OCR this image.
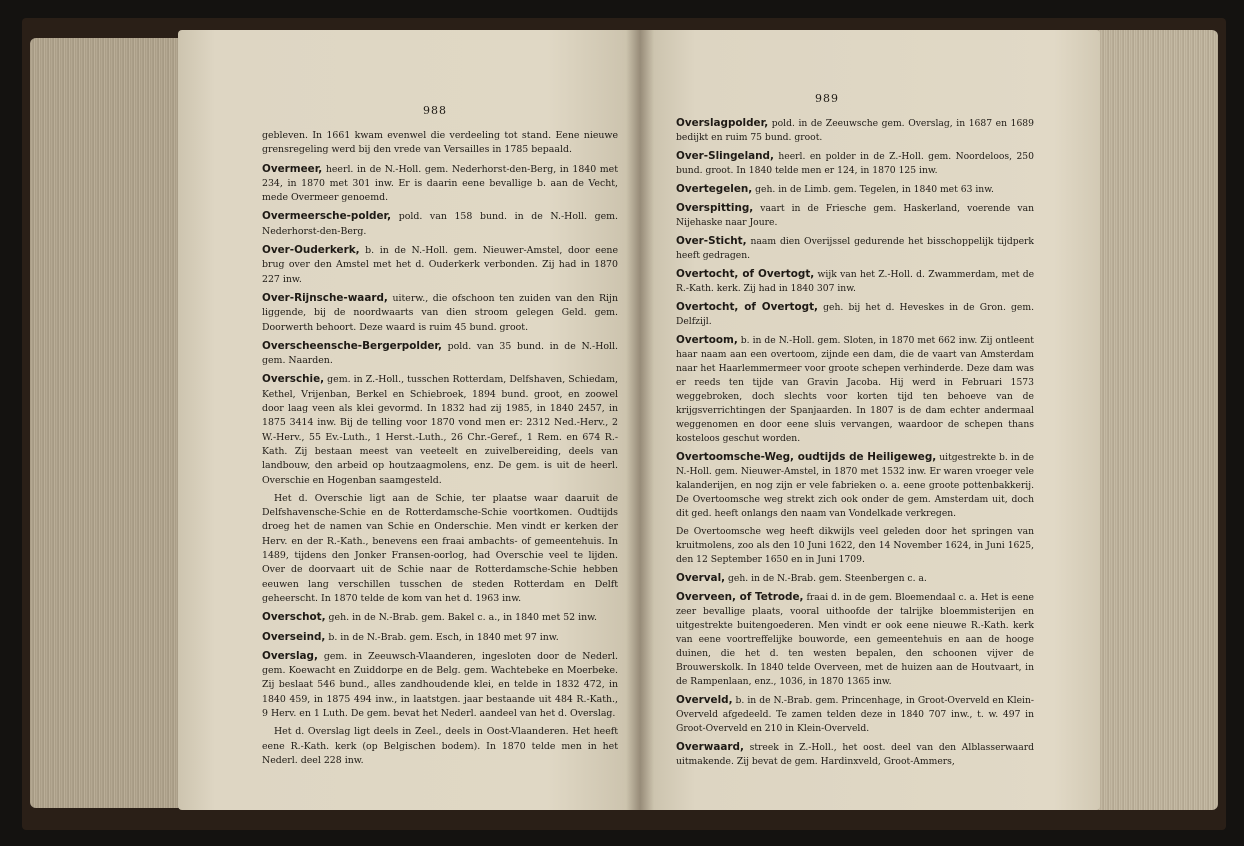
988

gebleven. In 1661 kwam evenwel die verdeeling tot stand. Eene nieuwe grensregeling werd bij den vrede van Versailles in 1785 bepaald.

Overmeer, heerl. in de N.-Holl. gem. Nederhorst-den-Berg, in 1840 met 234, in 1870 met 301 inw. Er is daarin eene bevallige b. aan de Vecht, mede Overmeer genoemd.

Overmeersche-polder, pold. van 158 bund. in de N.-Holl. gem. Nederhorst-den-Berg.

Over-Ouderkerk, b. in de N.-Holl. gem. Nieuwer-Amstel, door eene brug over den Amstel met het d. Ouderkerk verbonden. Zij had in 1870 227 inw.

Over-Rijnsche-waard, uiterw., die ofschoon ten zuiden van den Rijn liggende, bij de noordwaarts van dien stroom gelegen Geld. gem. Doorwerth behoort. Deze waard is ruim 45 bund. groot.

Overscheensche-Bergerpolder, pold. van 35 bund. in de N.-Holl. gem. Naarden.

Overschie, gem. in Z.-Holl., tusschen Rotterdam, Delfshaven, Schiedam, Kethel, Vrijenban, Berkel en Schiebroek, 1894 bund. groot, en zoowel door laag veen als klei gevormd. In 1832 had zij 1985, in 1840 2457, in 1875 3414 inw. Bij de telling voor 1870 vond men er: 2312 Ned.-Herv., 2 W.-Herv., 55 Ev.-Luth., 1 Herst.-Luth., 26 Chr.-Geref., 1 Rem. en 674 R.-Kath. Zij bestaan meest van veeteelt en zuivelbereiding, deels van landbouw, den arbeid op houtzaagmolens, enz. De gem. is uit de heerl. Overschie en Hogenban saamgesteld.

Het d. Overschie ligt aan de Schie, ter plaatse waar daaruit de Delfshavensche-Schie en de Rotterdamsche-Schie voortkomen. Oudtijds droeg het de namen van Schie en Onderschie. Men vindt er kerken der Herv. en der R.-Kath., benevens een fraai ambachts- of gemeentehuis. In 1489, tijdens den Jonker Fransen-oorlog, had Overschie veel te lijden. Over de doorvaart uit de Schie naar de Rotterdamsche-Schie hebben eeuwen lang verschillen tusschen de steden Rotterdam en Delft geheerscht. In 1870 telde de kom van het d. 1963 inw.

Overschot, geh. in de N.-Brab. gem. Bakel c. a., in 1840 met 52 inw.

Overseind, b. in de N.-Brab. gem. Esch, in 1840 met 97 inw.

Overslag, gem. in Zeeuwsch-Vlaanderen, ingesloten door de Nederl. gem. Koewacht en Zuiddorpe en de Belg. gem. Wachtebeke en Moerbeke. Zij beslaat 546 bund., alles zandhoudende klei, en telde in 1832 472, in 1840 459, in 1875 494 inw., in laatstgen. jaar bestaande uit 484 R.-Kath., 9 Herv. en 1 Luth. De gem. bevat het Nederl. aandeel van het d. Overslag.

Het d. Overslag ligt deels in Zeel., deels in Oost-Vlaanderen. Het heeft eene R.-Kath. kerk (op Belgischen bodem). In 1870 telde men in het Nederl. deel 228 inw.

989

Overslagpolder, pold. in de Zeeuwsche gem. Overslag, in 1687 en 1689 bedijkt en ruim 75 bund. groot.

Over-Slingeland, heerl. en polder in de Z.-Holl. gem. Noordeloos, 250 bund. groot. In 1840 telde men er 124, in 1870 125 inw.

Overtegelen, geh. in de Limb. gem. Tegelen, in 1840 met 63 inw.

Overspitting, vaart in de Friesche gem. Haskerland, voerende van Nijehaske naar Joure.

Over-Sticht, naam dien Overijssel gedurende het bisschoppelijk tijdperk heeft gedragen.

Overtocht, of Overtogt, wijk van het Z.-Holl. d. Zwammerdam, met de R.-Kath. kerk. Zij had in 1840 307 inw.

Overtocht, of Overtogt, geh. bij het d. Heveskes in de Gron. gem. Delfzijl.

Overtoom, b. in de N.-Holl. gem. Sloten, in 1870 met 662 inw. Zij ontleent haar naam aan een overtoom, zijnde een dam, die de vaart van Amsterdam naar het Haarlemmermeer voor groote schepen verhinderde. Deze dam was er reeds ten tijde van Gravin Jacoba. Hij werd in Februari 1573 weggebroken, doch slechts voor korten tijd ten behoeve van de krijgsverrichtingen der Spanjaarden. In 1807 is de dam echter andermaal weggenomen en door eene sluis vervangen, waardoor de schepen thans kosteloos geschut worden.

Overtoomsche-Weg, oudtijds de Heiligeweg, uitgestrekte b. in de N.-Holl. gem. Nieuwer-Amstel, in 1870 met 1532 inw. Er waren vroeger vele kalanderijen, en nog zijn er vele fabrieken o. a. eene groote pottenbakkerij. De Overtoomsche weg strekt zich ook onder de gem. Amsterdam uit, doch dit ged. heeft onlangs den naam van Vondelkade verkregen.

De Overtoomsche weg heeft dikwijls veel geleden door het springen van kruitmolens, zoo als den 10 Juni 1622, den 14 November 1624, in Juni 1625, den 12 September 1650 en in Juni 1709.

Overval, geh. in de N.-Brab. gem. Steenbergen c. a.

Overveen, of Tetrode, fraai d. in de gem. Bloemendaal c. a. Het is eene zeer bevallige plaats, vooral uithoofde der talrijke bloemmisterijen en uitgestrekte buitengoederen. Men vindt er ook eene nieuwe R.-Kath. kerk van eene voortreffelijke bouworde, een gemeentehuis en aan de hooge duinen, die het d. ten westen bepalen, den schoonen vijver de Brouwerskolk. In 1840 telde Overveen, met de huizen aan de Houtvaart, in de Rampenlaan, enz., 1036, in 1870 1365 inw.

Overveld, b. in de N.-Brab. gem. Princenhage, in Groot-Overveld en Klein-Overveld afgedeeld. Te zamen telden deze in 1840 707 inw., t. w. 497 in Groot-Overveld en 210 in Klein-Overveld.

Overwaard, streek in Z.-Holl., het oost. deel van den Alblasserwaard uitmakende. Zij bevat de gem. Hardinxveld, Groot-Ammers,
